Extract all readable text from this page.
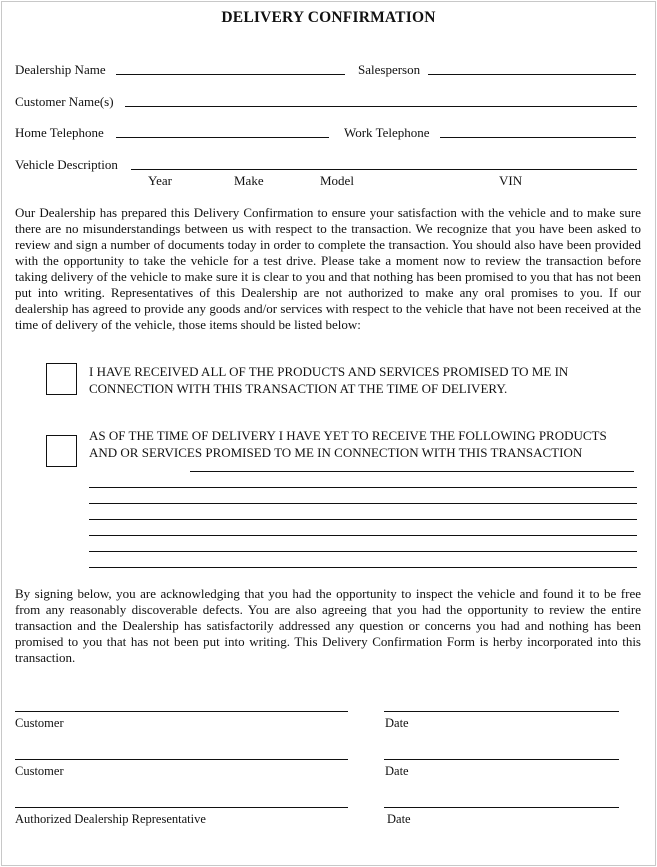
DELIVERY CONFIRMATION
Dealership Name	Salesperson
Customer Name(s)
Home Telephone	Work Telephone
Vehicle Description
Year	Make	Model	VIN
Our Dealership has prepared this Delivery Confirmation to ensure your satisfaction with the vehicle and to make sure there are no misunderstandings between us with respect to the transaction. We recognize that you have been asked to review and sign a number of documents today in order to complete the transaction. You should also have been provided with the opportunity to take the vehicle for a test drive. Please take a moment now to review the transaction before taking delivery of the vehicle to make sure it is clear to you and that nothing has been promised to you that has not been put into writing. Representatives of this Dealership are not authorized to make any oral promises to you. If our dealership has agreed to provide any goods and/or services with respect to the vehicle that have not been received at the time of delivery of the vehicle, those items should be listed below:
I HAVE RECEIVED ALL OF THE PRODUCTS AND SERVICES PROMISED TO ME IN CONNECTION WITH THIS TRANSACTION AT THE TIME OF DELIVERY.
AS OF THE TIME OF DELIVERY I HAVE YET TO RECEIVE THE FOLLOWING PRODUCTS AND OR SERVICES PROMISED TO ME IN CONNECTION WITH THIS TRANSACTION
By signing below, you are acknowledging that you had the opportunity to inspect the vehicle and found it to be free from any reasonably discoverable defects. You are also agreeing that you had the opportunity to review the entire transaction and the Dealership has satisfactorily addressed any question or concerns you had and nothing has been promised to you that has not been put into writing. This Delivery Confirmation Form is herby incorporated into this transaction.
Customer	Date
Customer	Date
Authorized Dealership Representative	Date
